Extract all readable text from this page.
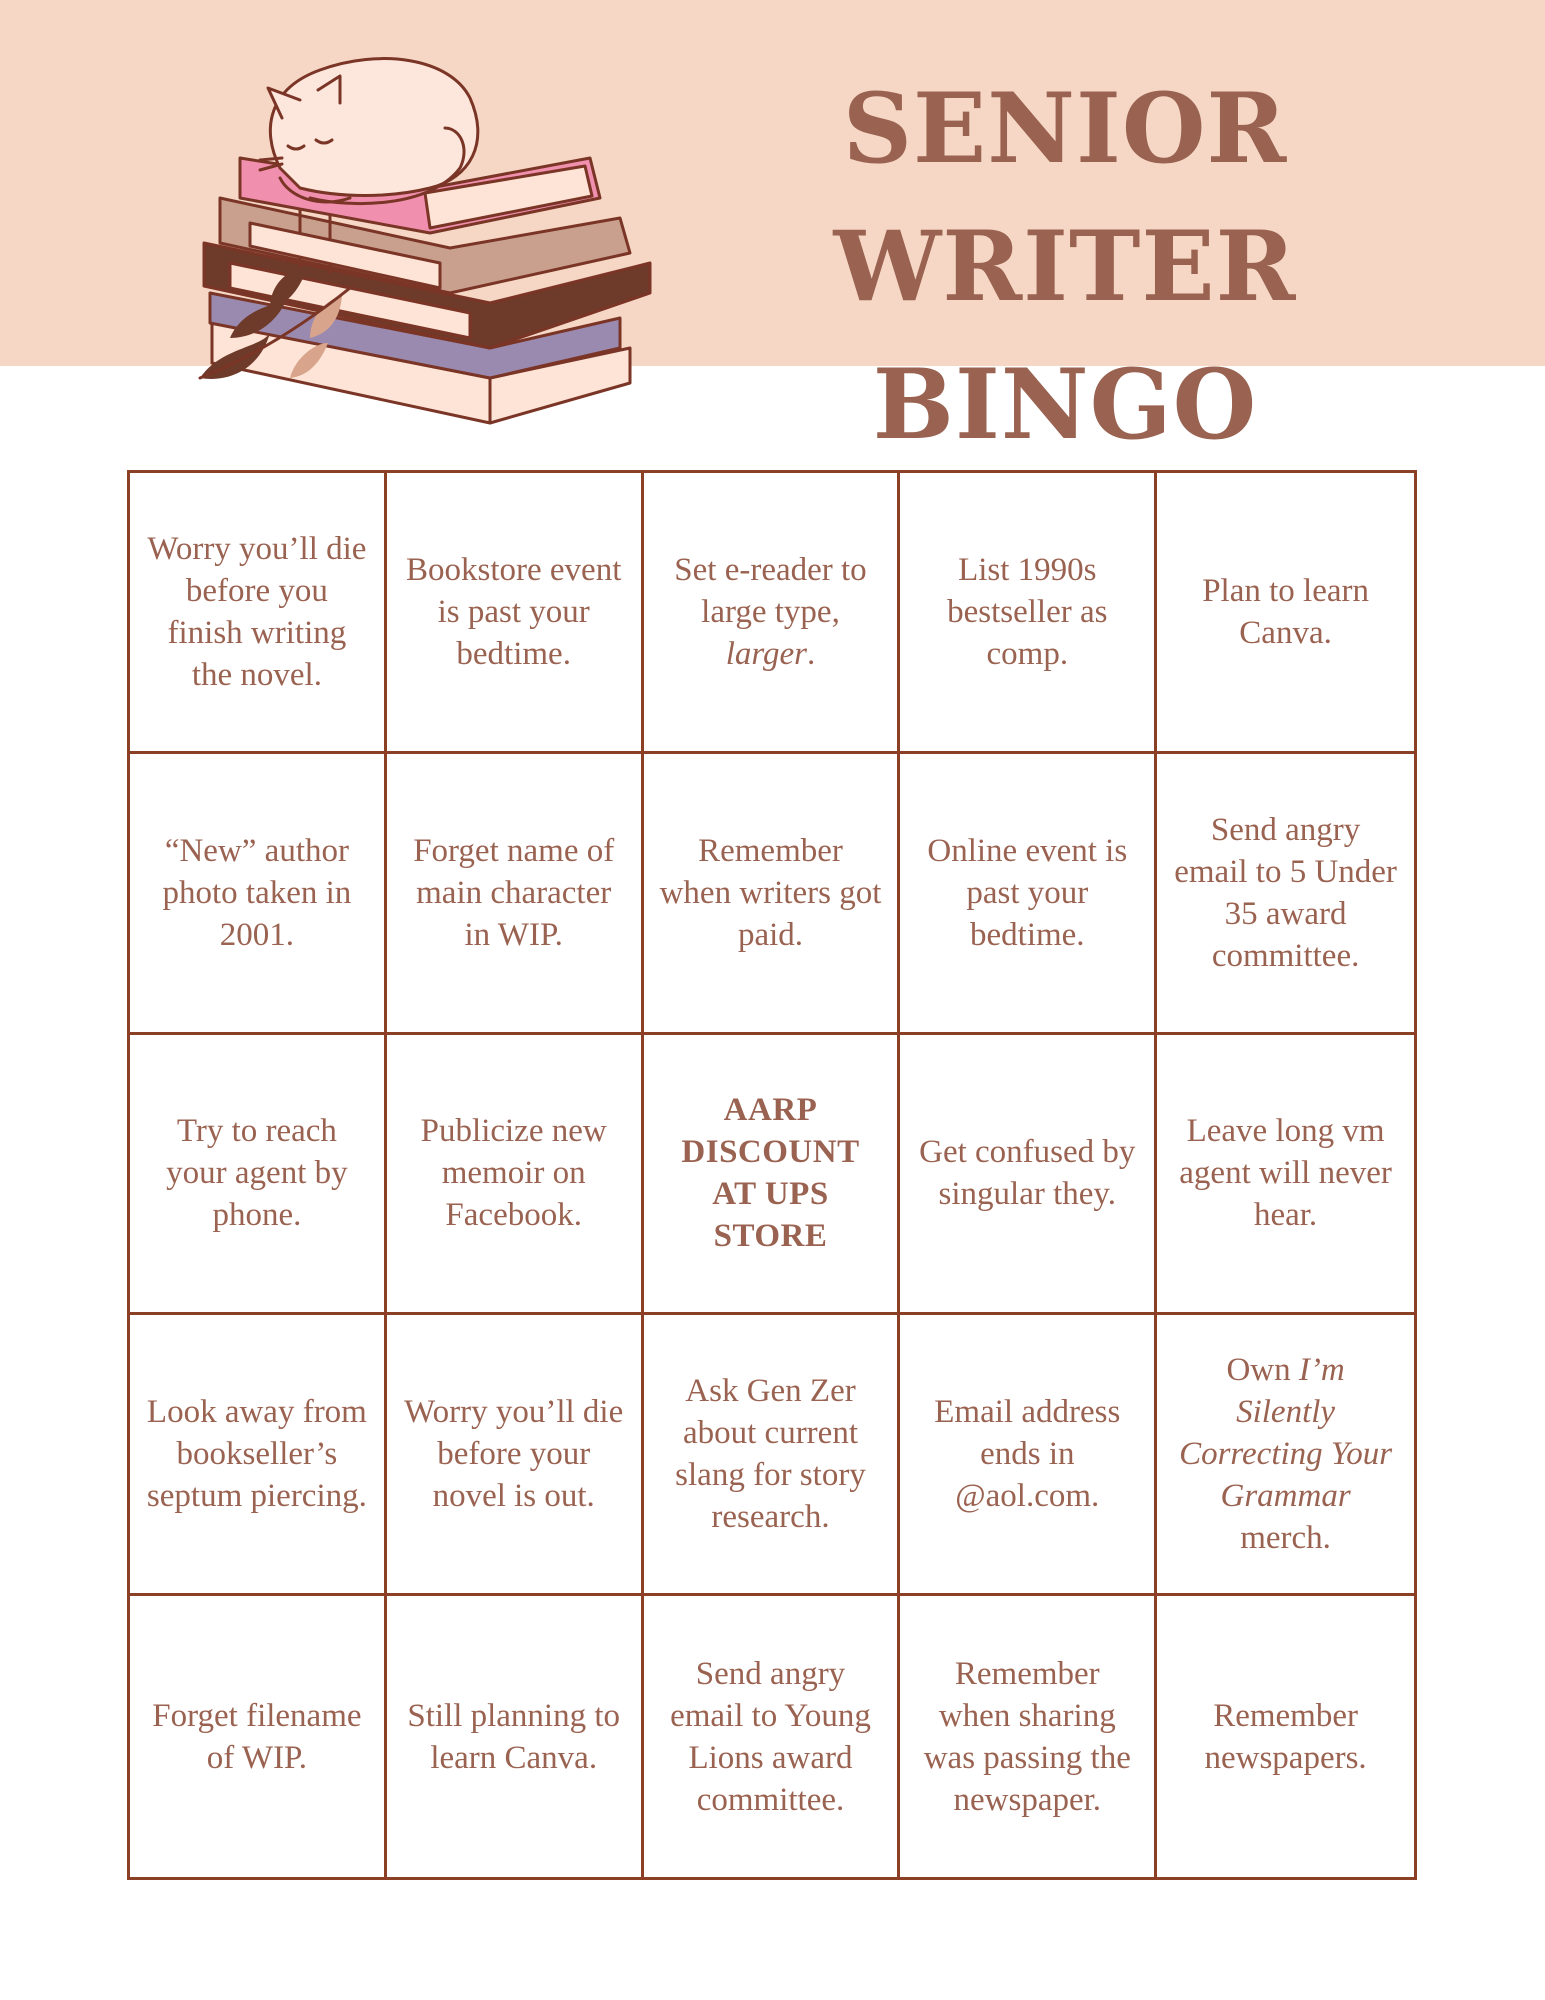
SENIOR WRITER
BINGO
Worry you’ll die before you finish writing the novel.
Bookstore event is past your bedtime.
Set e-reader to large type, larger.
List 1990s bestseller as comp.
Plan to learn Canva.
“New” author photo taken in 2001.
Forget name of main character in WIP.
Remember when writers got paid.
Online event is past your bedtime.
Send angry email to 5 Under 35 award committee.
Try to reach your agent by phone.
Publicize new memoir on Facebook.
AARP DISCOUNT AT UPS STORE
Get confused by singular they.
Leave long vm agent will never hear.
Look away from bookseller’s septum piercing.
Worry you’ll die before your novel is out.
Ask Gen Zer about current slang for story research.
Email address ends in @aol.com.
Own I’m Silently Correcting Your Grammar merch.
Forget filename of WIP.
Still planning to learn Canva.
Send angry email to Young Lions award committee.
Remember when sharing was passing the newspaper.
Remember newspapers.
